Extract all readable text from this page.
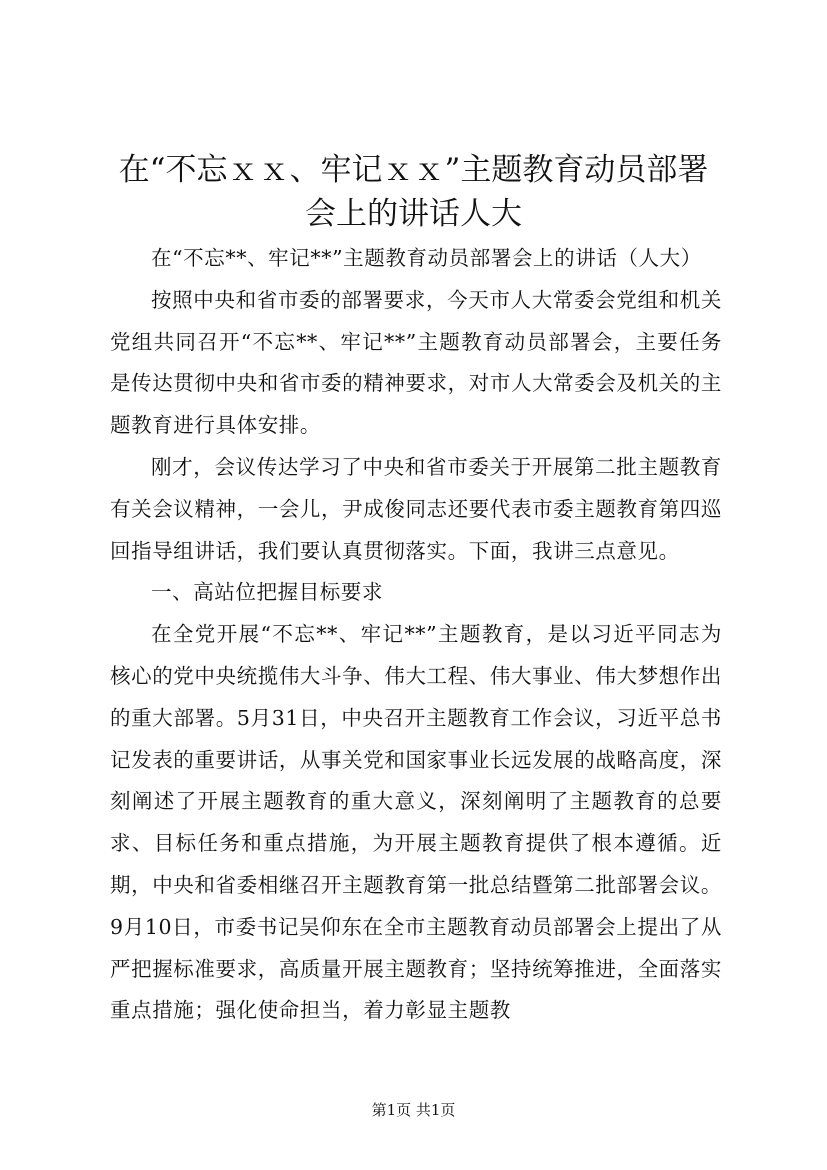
在“不忘ｘｘ、牢记ｘｘ”主题教育动员部署
会上的讲话人大

在“不忘**、牢记**”主题教育动员部署会上的讲话（人大）

按照中央和省市委的部署要求，今天市人大常委会党组和机关党组共同召开“不忘**、牢记**”主题教育动员部署会，主要任务是传达贯彻中央和省市委的精神要求，对市人大常委会及机关的主题教育进行具体安排。

刚才，会议传达学习了中央和省市委关于开展第二批主题教育有关会议精神，一会儿，尹成俊同志还要代表市委主题教育第四巡回指导组讲话，我们要认真贯彻落实。下面，我讲三点意见。

一、高站位把握目标要求

在全党开展“不忘**、牢记**”主题教育，是以习近平同志为核心的党中央统揽伟大斗争、伟大工程、伟大事业、伟大梦想作出的重大部署。5月31日，中央召开主题教育工作会议，习近平总书记发表的重要讲话，从事关党和国家事业长远发展的战略高度，深刻阐述了开展主题教育的重大意义，深刻阐明了主题教育的总要求、目标任务和重点措施，为开展主题教育提供了根本遵循。近期，中央和省委相继召开主题教育第一批总结暨第二批部署会议。9月10日，市委书记吴仰东在全市主题教育动员部署会上提出了从严把握标准要求，高质量开展主题教育；坚持统筹推进，全面落实重点措施；强化使命担当，着力彰显主题教

第1页 共1页
